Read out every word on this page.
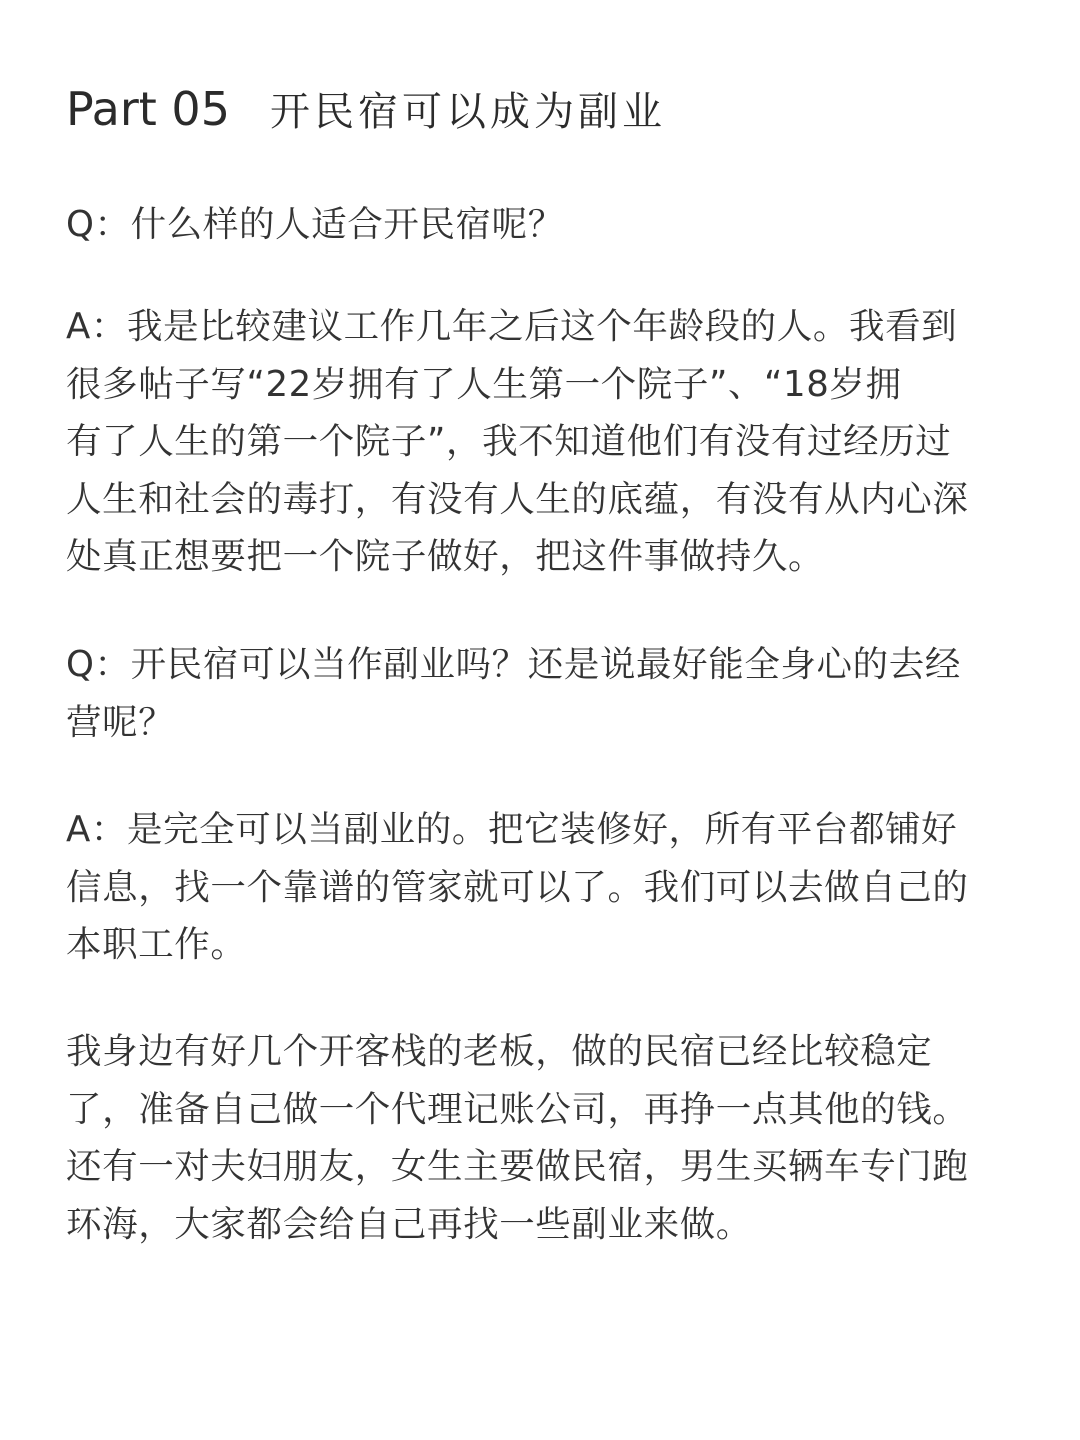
Part 05 开民宿可以成为副业

Q：什么样的人适合开民宿呢？

A：我是比较建议工作几年之后这个年龄段的人。我看到
很多帖子写“22岁拥有了人生第一个院子”、“18岁拥
有了人生的第一个院子”，我不知道他们有没有过经历过
人生和社会的毒打，有没有人生的底蕴，有没有从内心深
处真正想要把一个院子做好，把这件事做持久。

Q：开民宿可以当作副业吗？还是说最好能全身心的去经
营呢？

A：是完全可以当副业的。把它装修好，所有平台都铺好
信息，找一个靠谱的管家就可以了。我们可以去做自己的
本职工作。

我身边有好几个开客栈的老板，做的民宿已经比较稳定
了，准备自己做一个代理记账公司，再挣一点其他的钱。
还有一对夫妇朋友，女生主要做民宿，男生买辆车专门跑
环海，大家都会给自己再找一些副业来做。
